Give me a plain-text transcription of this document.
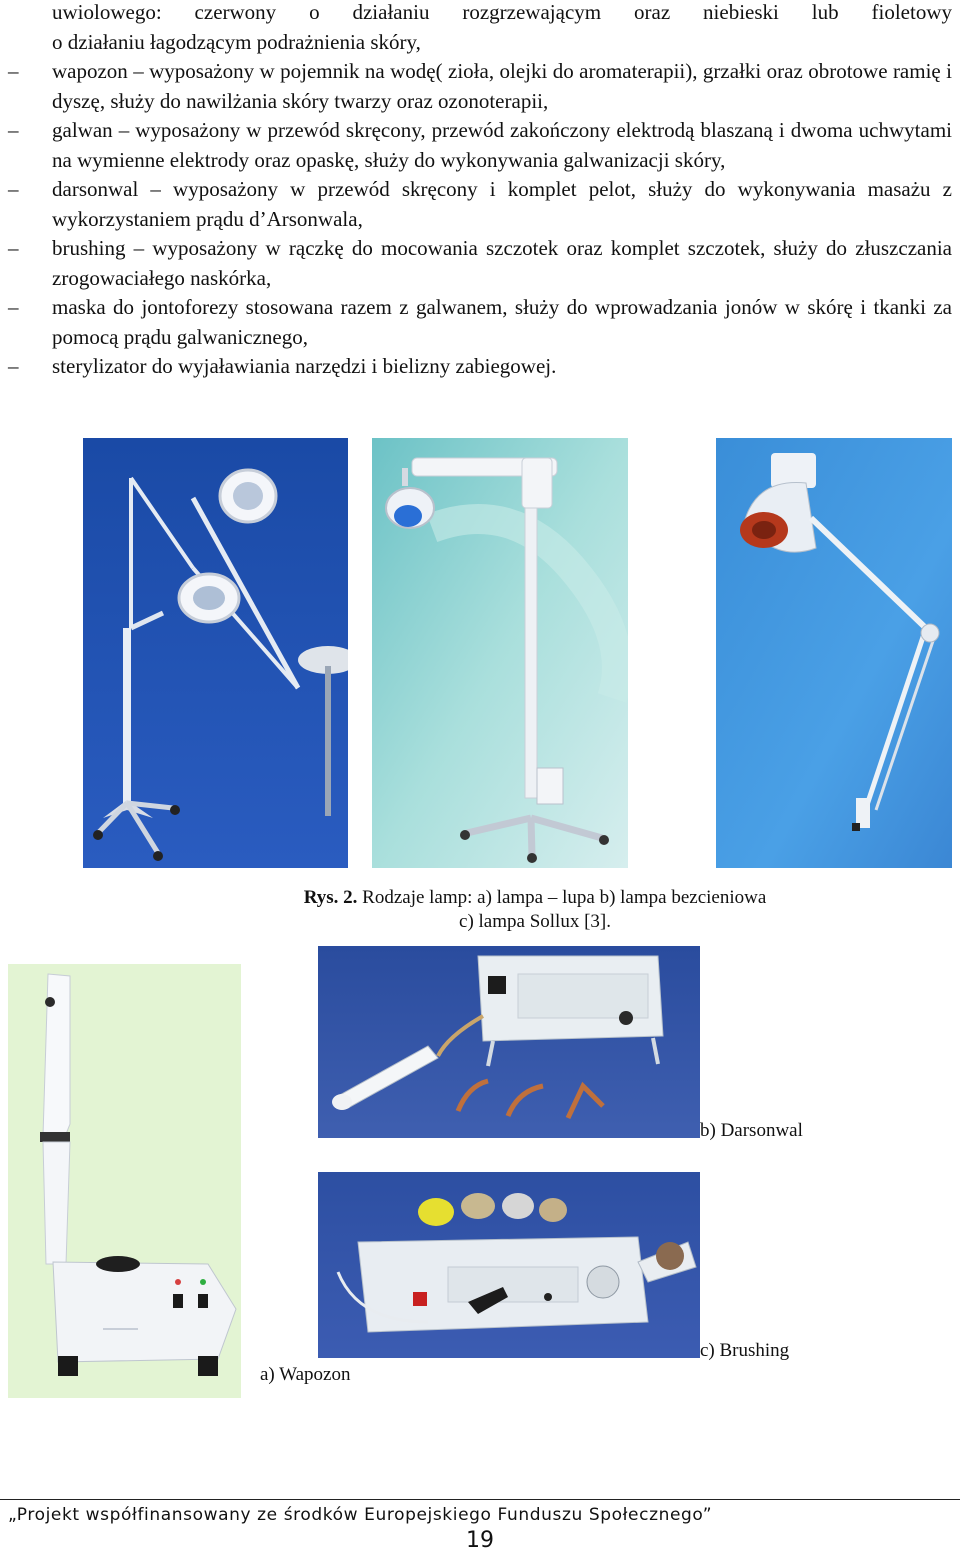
uwiolowego: czerwony o działaniu rozgrzewającym oraz niebieski lub fioletowy
o działaniu łagodzącym podrażnienia skóry,
– wapozon – wyposażony w pojemnik na wodę( zioła, olejki do aromaterapii), grzałki oraz obrotowe ramię i dyszę, służy do nawilżania skóry twarzy oraz ozonoterapii,
– galwan – wyposażony w przewód skręcony, przewód zakończony elektrodą blaszaną i dwoma uchwytami na wymienne elektrody oraz opaskę, służy do wykonywania galwanizacji skóry,
– darsonwal – wyposażony w przewód skręcony i komplet pelot, służy do wykonywania masażu z wykorzystaniem prądu d’Arsonwala,
– brushing – wyposażony w rączkę do mocowania szczotek oraz komplet szczotek, służy do złuszczania zrogowaciałego naskórka,
– maska do jontoforezy stosowana razem z galwanem, służy do wprowadzania jonów w skórę i tkanki za pomocą prądu galwanicznego,
– sterylizator do wyjaławiania narzędzi i bielizny zabiegowej.
Rys. 2. Rodzaje lamp: a) lampa – lupa b) lampa bezcieniowa
c) lampa Sollux [3].
b) Darsonwal
c) Brushing
a) Wapozon
„Projekt współfinansowany ze środków Europejskiego Funduszu Społecznego”
19
